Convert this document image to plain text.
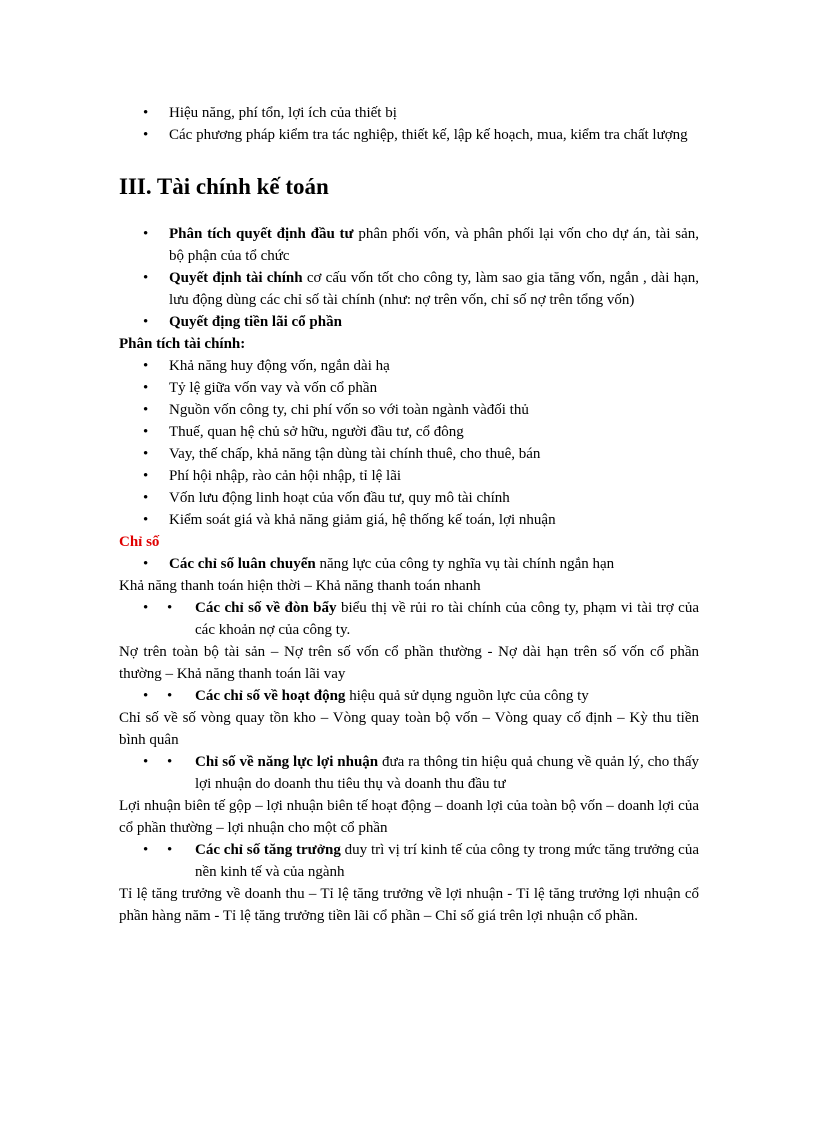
• Hiệu năng, phí tổn, lợi ích của thiết bị
• Các phương pháp kiểm tra tác nghiệp, thiết kế, lập kế hoạch, mua, kiểm tra chất lượng
III. Tài chính kế toán
• Phân tích quyết định đầu tư phân phối vốn, và phân phối lại vốn cho dự án, tài sản, bộ phận của tổ chức
• Quyết định tài chính cơ cấu vốn tốt cho công ty, làm sao gia tăng vốn, ngắn , dài hạn, lưu động dùng các chỉ số tài chính (như: nợ trên vốn, chỉ số nợ trên tổng vốn)
• Quyết địng tiền lãi cổ phần

Phân tích tài chính:

• Khả năng huy động vốn, ngắn dài hạ
• Tỷ lệ giữa vốn vay và vốn cổ phần
• Nguồn vốn công ty, chi phí vốn so với toàn ngành vàđối thủ
• Thuế, quan hệ chủ sở hữu, người đầu tư, cổ đông
• Vay, thế chấp, khả năng tận dùng tài chính thuê, cho thuê, bán
• Phí hội nhập, rào cản hội nhập, tỉ lệ lãi
• Vốn lưu động linh hoạt của vốn đầu tư, quy mô tài chính
• Kiểm soát giá và khả năng giảm giá, hệ thống kế toán, lợi nhuận

Chỉ số

• Các chỉ số luân chuyển năng lực của công ty nghĩa vụ tài chính ngắn hạn

Khả năng thanh toán hiện thời – Khả năng thanh toán nhanh

• • Các chỉ số về đòn bẩy biểu thị về rủi ro tài chính của công ty, phạm vi tài trợ của các khoản nợ của công ty.

Nợ trên toàn bộ tài sản – Nợ trên số vốn cổ phần thường - Nợ dài hạn trên số vốn cổ phần thường – Khả năng thanh toán lãi vay

• • Các chỉ số về hoạt động hiệu quả sử dụng nguồn lực của công ty

Chỉ số về số vòng quay tồn kho – Vòng quay toàn bộ vốn – Vòng quay cố định – Kỳ thu tiền bình quân

• • Chỉ số về năng lực lợi nhuận đưa ra thông tin hiệu quả chung về quản lý, cho thấy lợi nhuận do doanh thu tiêu thụ và doanh thu đầu tư

Lợi nhuận biên tế gộp – lợi nhuận biên tế hoạt động – doanh lợi của toàn bộ vốn – doanh lợi của cổ phần thường – lợi nhuận cho một cổ phần

• • Các chỉ số tăng trưởng duy trì vị trí kinh tế của công ty trong mức tăng trưởng của nền kinh tế và của ngành

Tỉ lệ tăng trưởng về doanh thu – Tỉ lệ tăng trưởng về lợi nhuận - Tỉ lệ tăng trưởng lợi nhuận cổ phần hàng năm - Tỉ lệ tăng trưởng tiền lãi cổ phần – Chỉ số giá trên lợi nhuận cổ phần.
